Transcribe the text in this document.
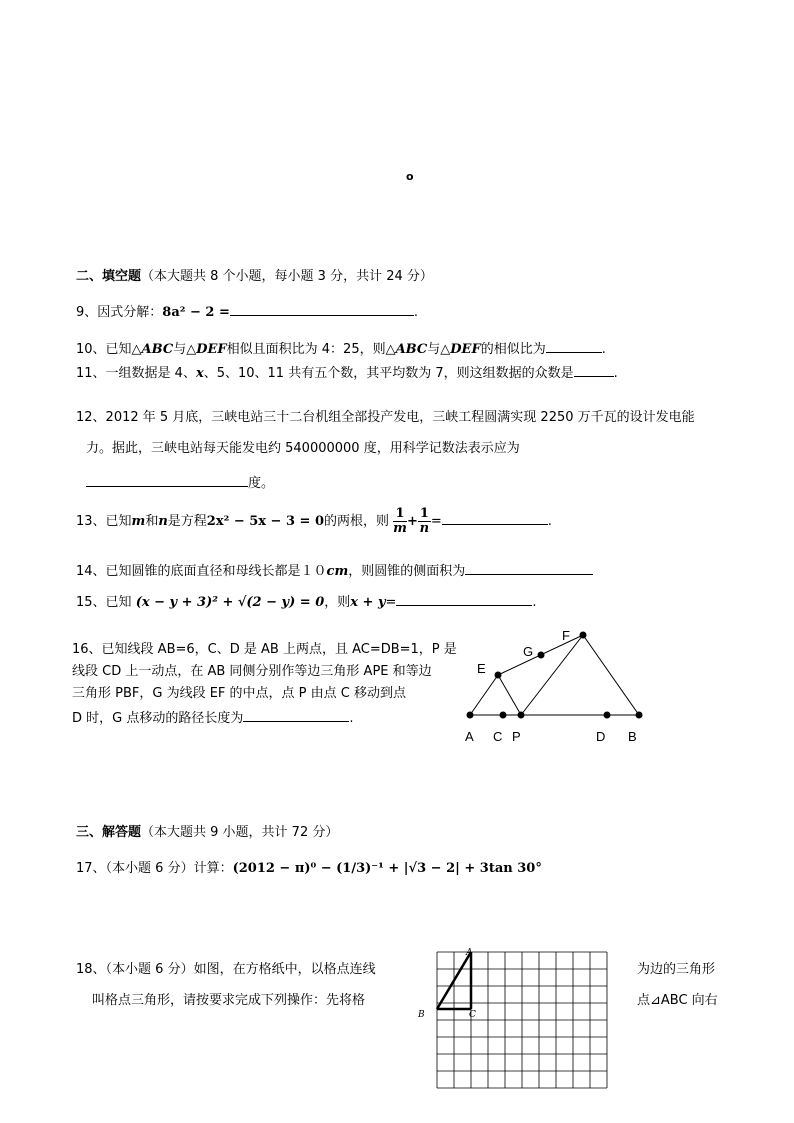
o
二、填空题（本大题共 8 个小题，每小题 3 分，共计 24 分）
9、因式分解：8a² − 2 =	.
10、已知△ABC与△DEF相似且面积比为 4：25，则△ABC与△DEF的相似比为	.
11、一组数据是 4、x、5、10、11 共有五个数，其平均数为 7，则这组数据的众数是	.
12、2012 年 5 月底，三峡电站三十二台机组全部投产发电，三峡工程圆满实现 2250 万千瓦的设计发电能
力。据此，三峡电站每天能发电约 540000000 度，用科学记数法表示应为
度。
13、已知m和n是方程2x² − 5x − 3 = 0的两根，则 $\frac{1}{m} + \frac{1}{n}$ =	.
14、已知圆锥的底面直径和母线长都是１０cm，则圆锥的侧面积为
15、已知 (x − y + 3)² + √(2 − y) = 0，则x + y=	.
16、已知线段 AB=6，C、D 是 AB 上两点，且 AC=DB=1，P 是
线段 CD 上一动点，在 AB 同侧分别作等边三角形 APE 和等边
三角形 PBF，G 为线段 EF 的中点，点 P 由点 C 移动到点
D 时，G 点移动的路径长度为	.
A C P	D B
E
G
F
三、解答题（本大题共 9 小题，共计 72 分）
17、（本小题 6 分）计算：(2012 − π)⁰ − (1/3)⁻¹ + |√3 − 2| + 3tan 30°
18、（本小题 6 分）如图，在方格纸中，以格点连线	为边的三角形
叫格点三角形，请按要求完成下列操作：先将格	点⊿ABC 向右
A
B	C
